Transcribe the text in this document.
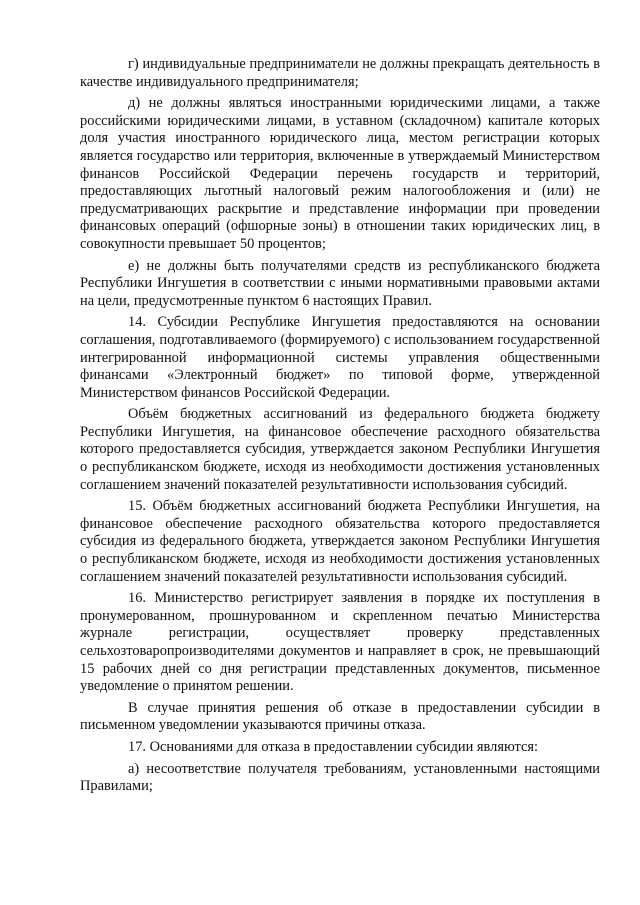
г) индивидуальные предприниматели не должны прекращать деятельность в качестве индивидуального предпринимателя;

д) не должны являться иностранными юридическими лицами, а также российскими юридическими лицами, в уставном (складочном) капитале которых доля участия иностранного юридического лица, местом регистрации которых является государство или территория, включенные в утверждаемый Министерством финансов Российской Федерации перечень государств и территорий, предоставляющих льготный налоговый режим налогообложения и (или) не предусматривающих раскрытие и представление информации при проведении финансовых операций (офшорные зоны) в отношении таких юридических лиц, в совокупности превышает 50 процентов;

е) не должны быть получателями средств из республиканского бюджета Республики Ингушетия в соответствии с иными нормативными правовыми актами на цели, предусмотренные пунктом 6 настоящих Правил.

14. Субсидии Республике Ингушетия предоставляются на основании соглашения, подготавливаемого (формируемого) с использованием государственной интегрированной информационной системы управления общественными финансами «Электронный бюджет» по типовой форме, утвержденной Министерством финансов Российской Федерации.

Объём бюджетных ассигнований из федерального бюджета бюджету Республики Ингушетия, на финансовое обеспечение расходного обязательства которого предоставляется субсидия, утверждается законом Республики Ингушетия о республиканском бюджете, исходя из необходимости достижения установленных соглашением значений показателей результативности использования субсидий.

15. Объём бюджетных ассигнований бюджета Республики Ингушетия, на финансовое обеспечение расходного обязательства которого предоставляется субсидия из федерального бюджета, утверждается законом Республики Ингушетия о республиканском бюджете, исходя из необходимости достижения установленных соглашением значений показателей результативности использования субсидий.

16. Министерство регистрирует заявления в порядке их поступления в пронумерованном, прошнурованном и скрепленном печатью Министерства журнале регистрации, осуществляет проверку представленных сельхозтоваропроизводителями документов и направляет в срок, не превышающий 15 рабочих дней со дня регистрации представленных документов, письменное уведомление о принятом решении.

В случае принятия решения об отказе в предоставлении субсидии в письменном уведомлении указываются причины отказа.

17. Основаниями для отказа в предоставлении субсидии являются:

а) несоответствие получателя требованиям, установленными настоящими Правилами;
